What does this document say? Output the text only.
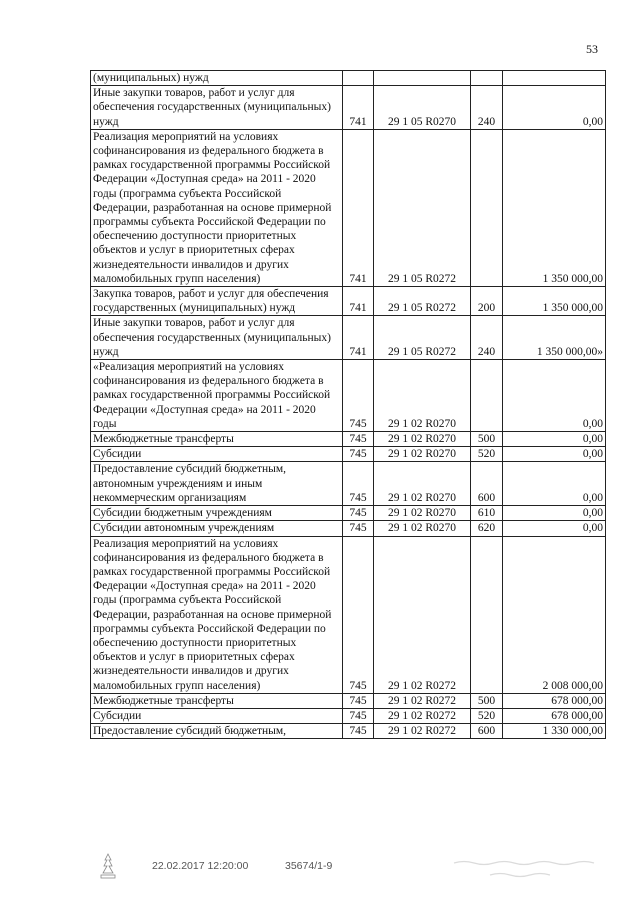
53
(муниципальных) нужд				
Иные закупки товаров, работ и услуг для обеспечения государственных (муниципальных) нужд	741	29 1 05 R0270	240	0,00
Реализация мероприятий на условиях софинансирования из федерального бюджета в рамках государственной программы Российской Федерации «Доступная среда» на 2011 - 2020 годы (программа субъекта Российской Федерации, разработанная на основе примерной программы субъекта Российской Федерации по обеспечению доступности приоритетных объектов и услуг в приоритетных сферах жизнедеятельности инвалидов и других маломобильных групп населения)	741	29 1 05 R0272		1 350 000,00
Закупка товаров, работ и услуг для обеспечения государственных (муниципальных) нужд	741	29 1 05 R0272	200	1 350 000,00
Иные закупки товаров, работ и услуг для обеспечения государственных (муниципальных) нужд	741	29 1 05 R0272	240	1 350 000,00»
«Реализация мероприятий на условиях софинансирования из федерального бюджета в рамках государственной программы Российской Федерации «Доступная среда» на 2011 - 2020 годы	745	29 1 02 R0270		0,00
Межбюджетные трансферты	745	29 1 02 R0270	500	0,00
Субсидии	745	29 1 02 R0270	520	0,00
Предоставление субсидий бюджетным, автономным учреждениям и иным некоммерческим организациям	745	29 1 02 R0270	600	0,00
Субсидии бюджетным учреждениям	745	29 1 02 R0270	610	0,00
Субсидии автономным учреждениям	745	29 1 02 R0270	620	0,00
Реализация мероприятий на условиях софинансирования из федерального бюджета в рамках государственной программы Российской Федерации «Доступная среда» на 2011 - 2020 годы (программа субъекта Российской Федерации, разработанная на основе примерной программы субъекта Российской Федерации по обеспечению доступности приоритетных объектов и услуг в приоритетных сферах жизнедеятельности инвалидов и других маломобильных групп населения)	745	29 1 02 R0272		2 008 000,00
Межбюджетные трансферты	745	29 1 02 R0272	500	678 000,00
Субсидии	745	29 1 02 R0272	520	678 000,00
Предоставление субсидий бюджетным,	745	29 1 02 R0272	600	1 330 000,00
22.02.2017 12:20:00	35674/1-9
